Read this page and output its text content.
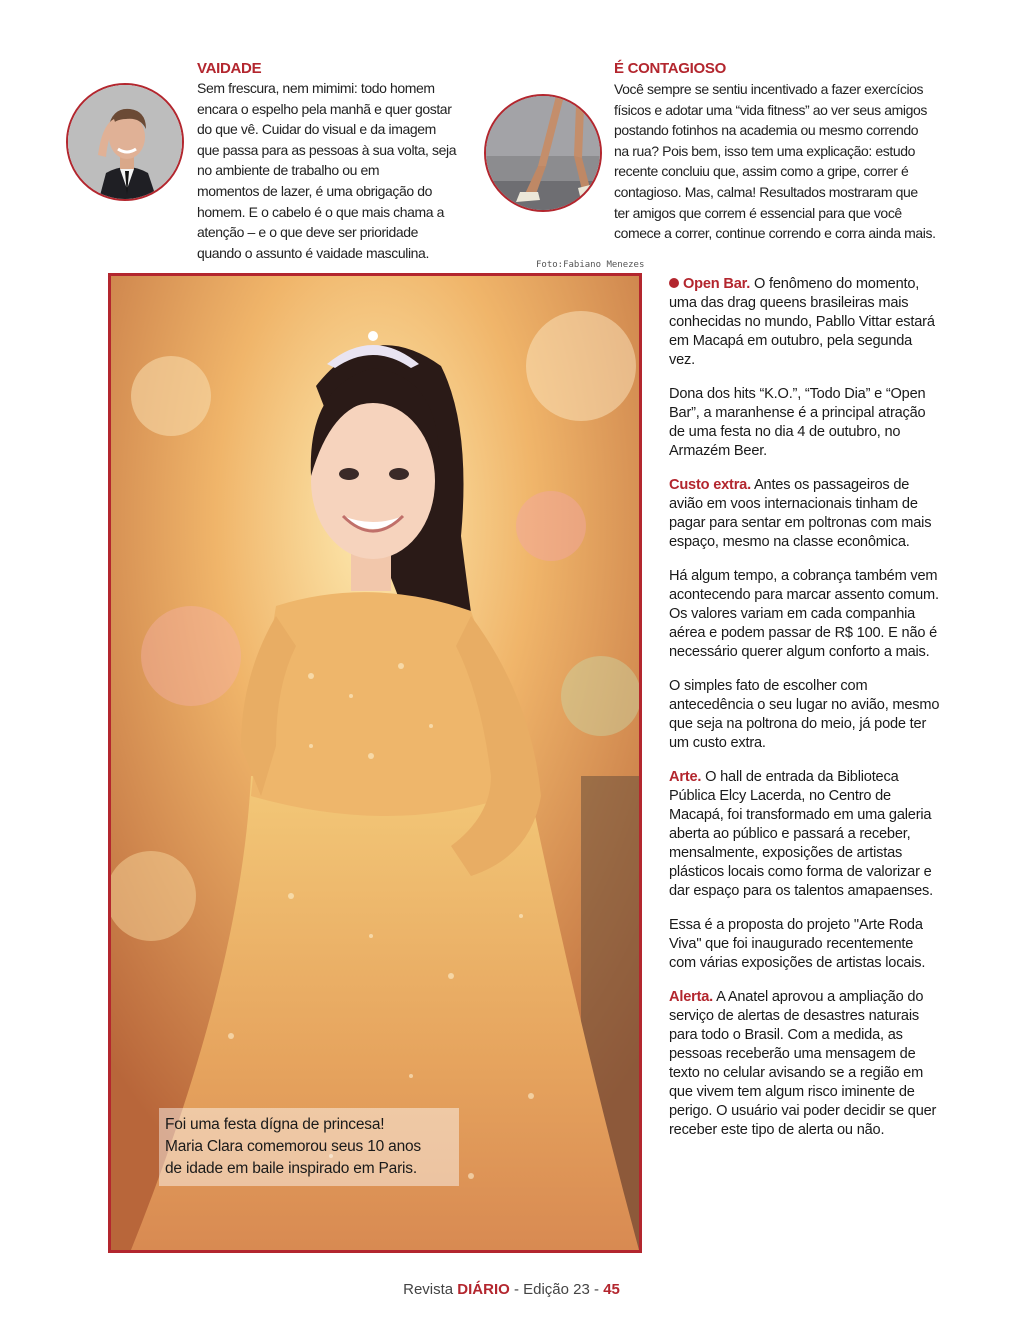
VAIDADE
Sem frescura, nem mimimi: todo homem
encara o espelho pela manhã e quer gostar
do que vê. Cuidar do visual e da imagem
que passa para as pessoas à sua volta, seja
no ambiente de trabalho ou em
momentos de lazer, é uma obrigação do
homem. E o cabelo é o que mais chama a
atenção – e o que deve ser prioridade
quando o assunto é vaidade masculina.
É CONTAGIOSO
Você sempre se sentiu incentivado a fazer exercícios
físicos e adotar uma “vida fitness” ao ver seus amigos
postando fotinhos na academia ou mesmo correndo
na rua? Pois bem, isso tem uma explicação: estudo
recente concluiu que, assim como a gripe, correr é
contagioso. Mas, calma! Resultados mostraram que
ter amigos que correm é essencial para que você
comece a correr, continue correndo e corra ainda mais.
Foto:Fabiano Menezes
Foi uma festa dígna de princesa!
Maria Clara comemorou seus 10 anos
de idade em baile inspirado em Paris.

Open Bar. O fenômeno do momento, uma das drag queens brasileiras mais conhecidas no mundo, Pabllo Vittar estará em Macapá em outubro, pela segunda vez.

Dona dos hits “K.O.”, “Todo Dia” e “Open Bar”, a maranhense é a principal atração de uma festa no dia 4 de outubro, no Armazém Beer.

Custo extra. Antes os passageiros de avião em voos internacionais tinham de pagar para sentar em poltronas com mais espaço, mesmo na classe econômica.

Há algum tempo, a cobrança também vem acontecendo para marcar assento comum. Os valores variam em cada companhia aérea e podem passar de R$ 100. E não é necessário querer algum conforto a mais.

O simples fato de escolher com antecedência o seu lugar no avião, mesmo que seja na poltrona do meio, já pode ter um custo extra.

Arte. O hall de entrada da Biblioteca Pública Elcy Lacerda, no Centro de Macapá, foi transformado em uma galeria aberta ao público e passará a receber, mensalmente, exposições de artistas plásticos locais como forma de valorizar e dar espaço para os talentos amapaenses.

Essa é a proposta do projeto "Arte Roda Viva" que foi inaugurado recentemente com várias exposições de artistas locais.

Alerta. A Anatel aprovou a ampliação do serviço de alertas de desastres naturais para todo o Brasil. Com a medida, as pessoas receberão uma mensagem de texto no celular avisando se a região em que vivem tem algum risco iminente de perigo. O usuário vai poder decidir se quer receber este tipo de alerta ou não.

Revista DIÁRIO - Edição 23 - 45
